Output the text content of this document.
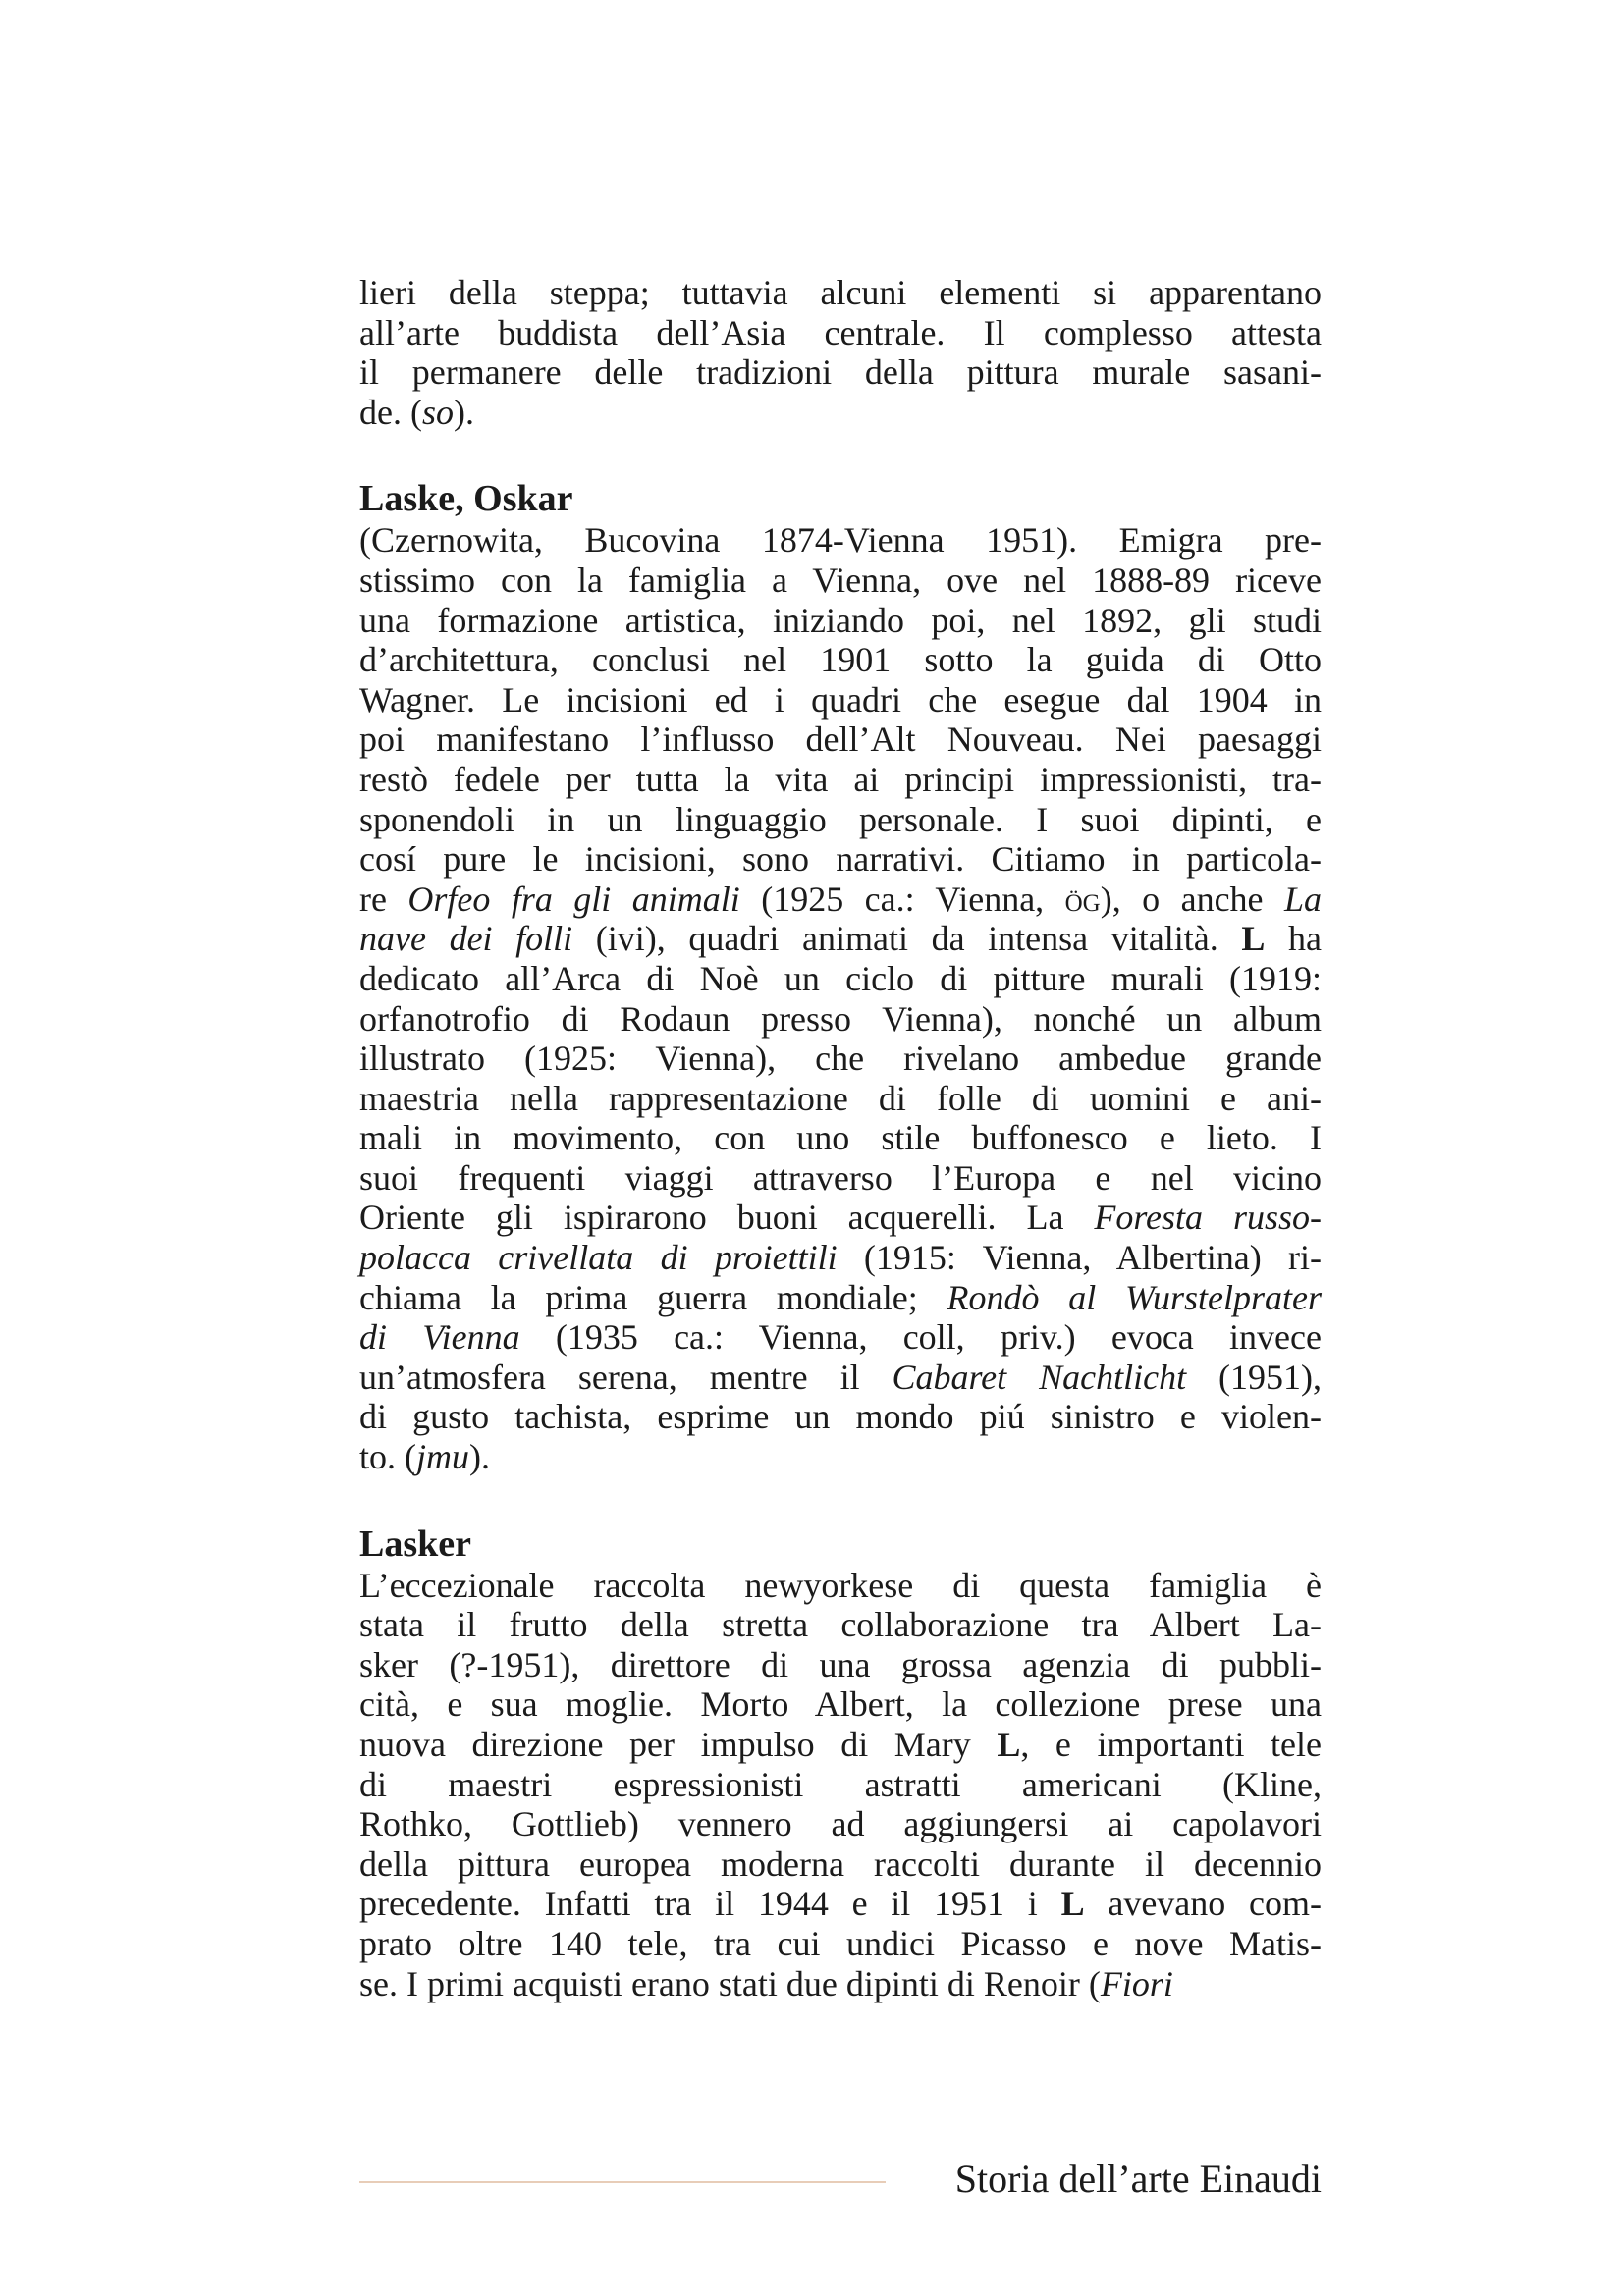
lieri della steppa; tuttavia alcuni elementi si apparentano
all’arte buddista dell’Asia centrale. Il complesso attesta
il permanere delle tradizioni della pittura murale sasani-
de. (so).
Laske, Oskar
(Czernowita, Bucovina 1874-Vienna 1951). Emigra pre-
stissimo con la famiglia a Vienna, ove nel 1888-89 riceve
una formazione artistica, iniziando poi, nel 1892, gli studi
d’architettura, conclusi nel 1901 sotto la guida di Otto
Wagner. Le incisioni ed i quadri che esegue dal 1904 in
poi manifestano l’influsso dell’Alt Nouveau. Nei paesaggi
restò fedele per tutta la vita ai principi impressionisti, tra-
sponendoli in un linguaggio personale. I suoi dipinti, e
cosí pure le incisioni, sono narrativi. Citiamo in particola-
re Orfeo fra gli animali (1925 ca.: Vienna, ög), o anche La
nave dei folli (ivi), quadri animati da intensa vitalità. L ha
dedicato all’Arca di Noè un ciclo di pitture murali (1919:
orfanotrofio di Rodaun presso Vienna), nonché un album
illustrato (1925: Vienna), che rivelano ambedue grande
maestria nella rappresentazione di folle di uomini e ani-
mali in movimento, con uno stile buffonesco e lieto. I
suoi frequenti viaggi attraverso l’Europa e nel vicino
Oriente gli ispirarono buoni acquerelli. La Foresta russo-
polacca crivellata di proiettili (1915: Vienna, Albertina) ri-
chiama la prima guerra mondiale; Rondò al Wurstelprater
di Vienna (1935 ca.: Vienna, coll, priv.) evoca invece
un’atmosfera serena, mentre il Cabaret Nachtlicht (1951),
di gusto tachista, esprime un mondo piú sinistro e violen-
to. (jmu).
Lasker
L’eccezionale raccolta newyorkese di questa famiglia è
stata il frutto della stretta collaborazione tra Albert La-
sker (?-1951), direttore di una grossa agenzia di pubbli-
cità, e sua moglie. Morto Albert, la collezione prese una
nuova direzione per impulso di Mary L, e importanti tele
di maestri espressionisti astratti americani (Kline,
Rothko, Gottlieb) vennero ad aggiungersi ai capolavori
della pittura europea moderna raccolti durante il decennio
precedente. Infatti tra il 1944 e il 1951 i L avevano com-
prato oltre 140 tele, tra cui undici Picasso e nove Matis-
se. I primi acquisti erano stati due dipinti di Renoir (Fiori
Storia dell’arte Einaudi
